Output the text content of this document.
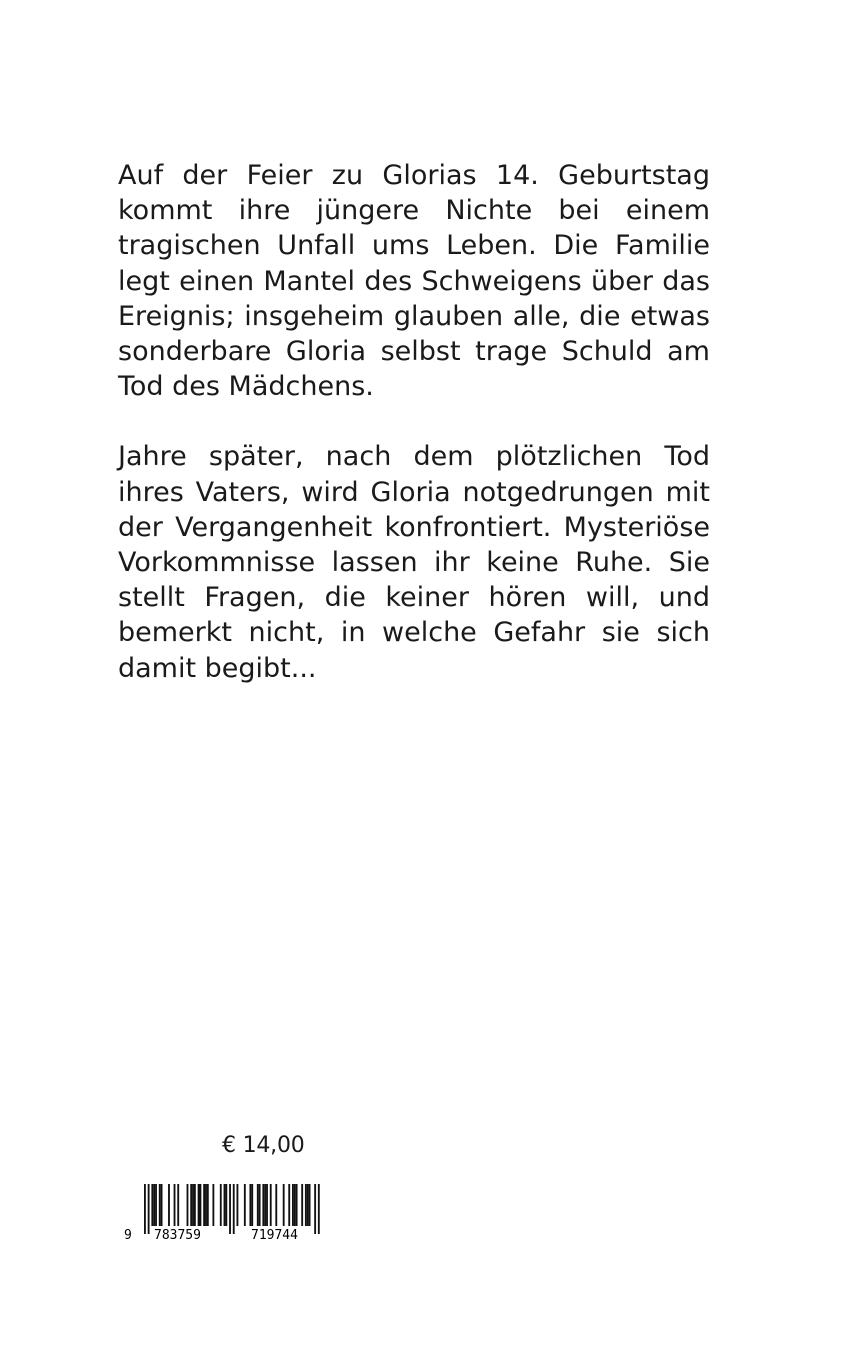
Auf der Feier zu Glorias 14. Geburtstag kommt ihre jüngere Nichte bei einem tragischen Unfall ums Leben. Die Familie legt einen Mantel des Schweigens über das Ereignis; insgeheim glauben alle, die etwas sonderbare Gloria selbst trage Schuld am Tod des Mädchens.

Jahre später, nach dem plötzlichen Tod ihres Vaters, wird Gloria notgedrungen mit der Vergangenheit konfrontiert. Mysteriöse Vorkommnisse lassen ihr keine Ruhe. Sie stellt Fragen, die keiner hören will, und bemerkt nicht, in welche Gefahr sie sich damit begibt...

€ 14,00
9 783759	719744
